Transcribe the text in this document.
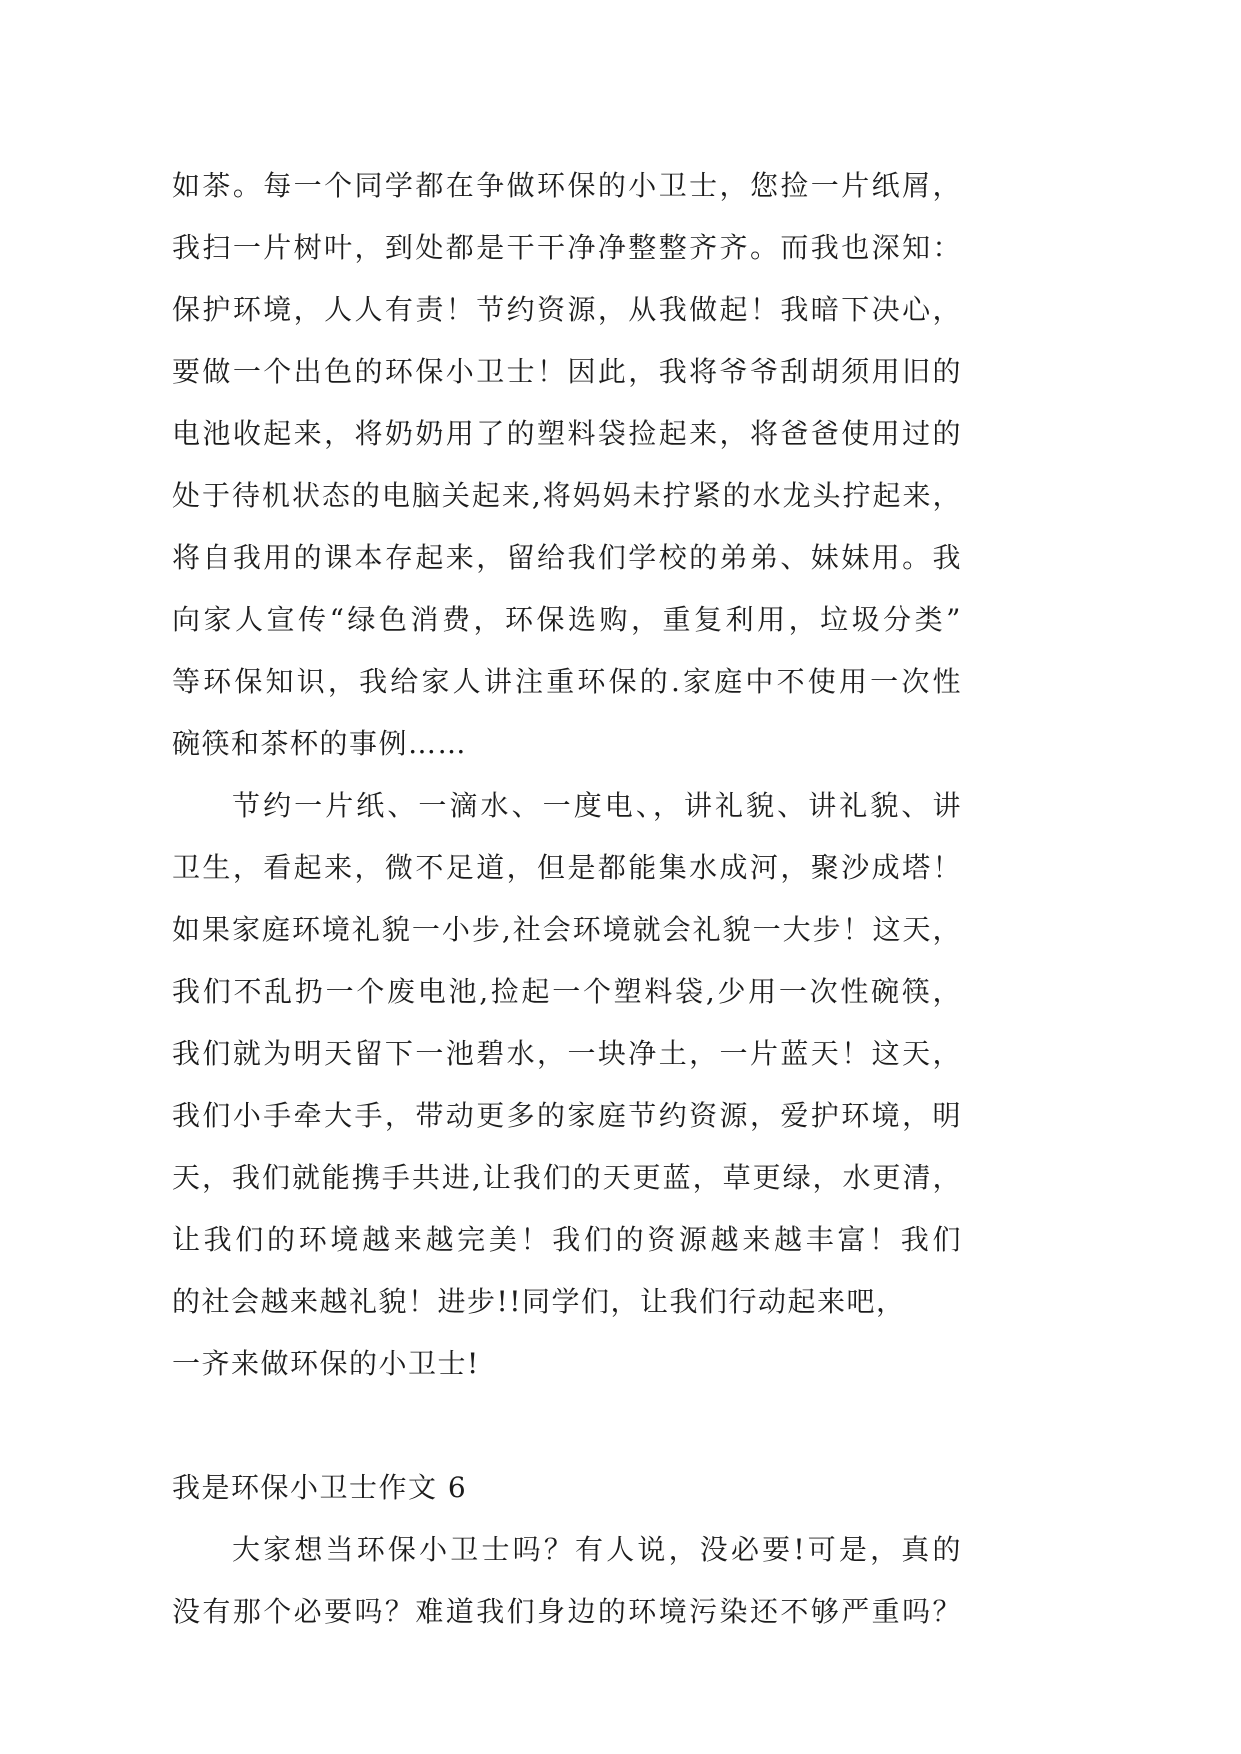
如茶。每一个同学都在争做环保的小卫士，您捡一片纸屑，
我扫一片树叶，到处都是干干净净整整齐齐。而我也深知：
保护环境，人人有责！节约资源，从我做起！我暗下决心，
要做一个出色的环保小卫士！因此，我将爷爷刮胡须用旧的
电池收起来，将奶奶用了的塑料袋捡起来，将爸爸使用过的
处于待机状态的电脑关起来,将妈妈未拧紧的水龙头拧起来，
将自我用的课本存起来，留给我们学校的弟弟、妹妹用。我
向家人宣传“绿色消费，环保选购，重复利用，垃圾分类”
等环保知识，我给家人讲注重环保的.家庭中不使用一次性
碗筷和茶杯的事例……
节约一片纸、一滴水、一度电、，讲礼貌、讲礼貌、讲
卫生，看起来，微不足道，但是都能集水成河，聚沙成塔！
如果家庭环境礼貌一小步,社会环境就会礼貌一大步！这天，
我们不乱扔一个废电池,捡起一个塑料袋,少用一次性碗筷，
我们就为明天留下一池碧水，一块净土，一片蓝天！这天，
我们小手牵大手，带动更多的家庭节约资源，爱护环境，明
天，我们就能携手共进,让我们的天更蓝，草更绿，水更清，
让我们的环境越来越完美！我们的资源越来越丰富！我们
的社会越来越礼貌！进步!!同学们，让我们行动起来吧，
一齐来做环保的小卫士!
我是环保小卫士作文 6
大家想当环保小卫士吗？有人说，没必要!可是，真的
没有那个必要吗？难道我们身边的环境污染还不够严重吗？
